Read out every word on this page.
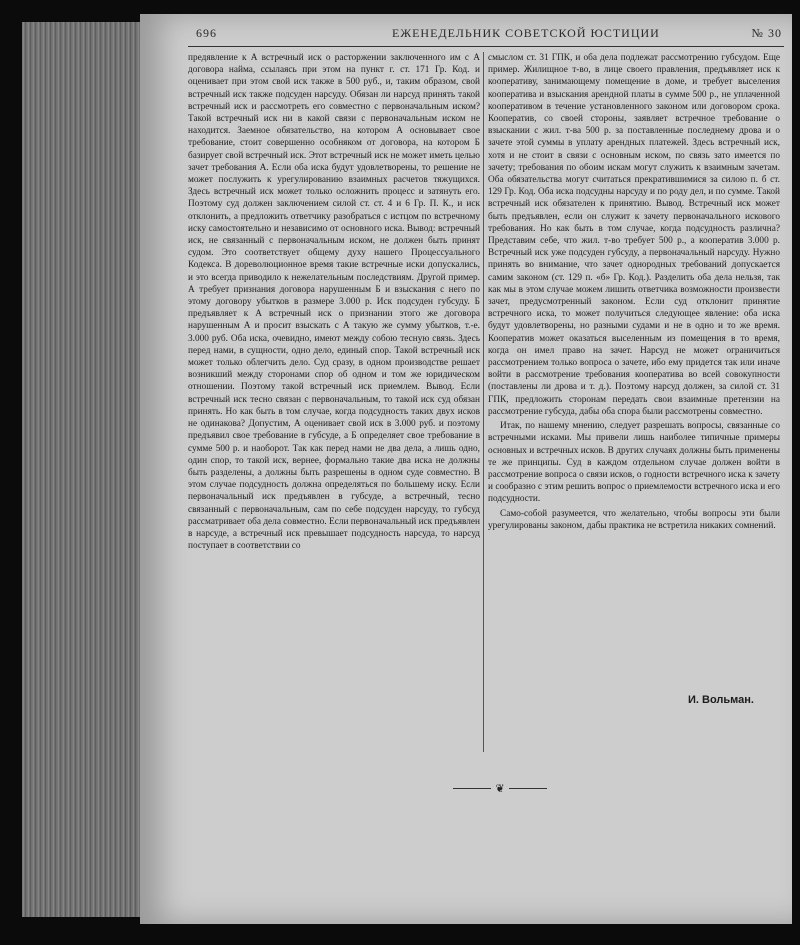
696	ЕЖЕНЕДЕЛЬНИК СОВЕТСКОЙ ЮСТИЦИИ	№ 30

предявление к А встречный иск о расторжении заключенного им с А договора найма, ссылаясь при этом на пункт г. ст. 171 Гр. Код. и оценивает при этом свой иск также в 500 руб., и, таким образом, свой встречный иск также подсуден нарсуду. Обязан ли нарсуд принять такой встречный иск и рассмотреть его совместно с первоначальным иском? Такой встречный иск ни в какой связи с первоначальным иском не находится. Заемное обязательство, на котором А основывает свое требование, стоит совершенно особняком от договора, на котором Б базирует свой встречный иск. Этот встречный иск не может иметь целью зачет требования А. Если оба иска будут удовлетворены, то решение не может послужить к урегулированию взаимных расчетов тяжущихся. Здесь встречный иск может только осложнить процесс и затянуть его. Поэтому суд должен заключением силой ст. ст. 4 и 6 Гр. П. К., и иск отклонить, а предложить ответчику разобраться с истцом по встречному иску самостоятельно и независимо от основного иска. Вывод: встречный иск, не связанный с первоначальным иском, не должен быть принят судом. Это соответствует общему духу нашего Процессуального Кодекса. В дореволюционное время такие встречные иски допускались, и это всегда приводило к нежелательным последствиям. Другой пример. А требует признания договора нарушенным Б и взыскания с него по этому договору убытков в размере 3.000 р. Иск подсуден губсуду. Б предъявляет к А встречный иск о признании этого же договора нарушенным А и просит взыскать с А такую же сумму убытков, т.-е. 3.000 руб. Оба иска, очевидно, имеют между собою тесную связь. Здесь перед нами, в сущности, одно дело, единый спор. Такой встречный иск может только облегчить дело. Суд сразу, в одном производстве решает возникший между сторонами спор об одном и том же юридическом отношении. Поэтому такой встречный иск приемлем. Вывод. Если встречный иск тесно связан с первоначальным, то такой иск суд обязан принять. Но как быть в том случае, когда подсудность таких двух исков не одинакова? Допустим, А оценивает свой иск в 3.000 руб. и поэтому предъявил свое требование в губсуде, а Б определяет свое требование в сумме 500 р. и наоборот. Так как перед нами не два дела, а лишь одно, один спор, то такой иск, вернее, формально такие два иска не должны быть разделены, а должны быть разрешены в одном суде совместно. В этом случае подсудность должна определяться по большему иску. Если первоначальный иск предъявлен в губсуде, а встречный, тесно связанный с первоначальным, сам по себе подсуден нарсуду, то губсуд рассматривает оба дела совместно. Если первоначальный иск предъявлен в нарсуде, а встречный иск превышает подсудность нарсуда, то нарсуд поступает в соответствии со

смыслом ст. 31 ГПК, и оба дела подлежат рассмотрению губсудом. Еще пример. Жилищное т-во, в лице своего правления, предъявляет иск к кооперативу, занимающему помещение в доме, и требует выселения кооператива и взыскания арендной платы в сумме 500 р., не уплаченной кооперативом в течение установленного законом или договором срока. Кооператив, со своей стороны, заявляет встречное требование о взыскании с жил. т-ва 500 р. за поставленные последнему дрова и о зачете этой суммы в уплату арендных платежей. Здесь встречный иск, хотя и не стоит в связи с основным иском, по связь зато имеется по зачету; требования по обоим искам могут служить к взаимным зачетам. Оба обязательства могут считаться прекратившимися за силою п. б ст. 129 Гр. Код. Оба иска подсудны нарсуду и по роду дел, и по сумме. Такой встречный иск обязателен к принятию. Вывод. Встречный иск может быть предъявлен, если он служит к зачету первоначального искового требования. Но как быть в том случае, когда подсудность различна? Представим себе, что жил. т-во требует 500 р., а кооператив 3.000 р. Встречный иск уже подсуден губсуду, а первоначальный нарсуду. Нужно принять во внимание, что зачет однородных требований допускается самим законом (ст. 129 п. «б» Гр. Код.). Разделить оба дела нельзя, так как мы в этом случае можем лишить ответчика возможности произвести зачет, предусмотренный законом. Если суд отклонит принятие встречного иска, то может получиться следующее явление: оба иска будут удовлетворены, но разными судами и не в одно и то же время. Кооператив может оказаться выселенным из помещения в то время, когда он имел право на зачет. Нарсуд не может ограничиться рассмотрением только вопроса о зачете, ибо ему придется так или иначе войти в рассмотрение требования кооператива во всей совокупности (поставлены ли дрова и т. д.). Поэтому нарсуд должен, за силой ст. 31 ГПК, предложить сторонам передать свои взаимные претензии на рассмотрение губсуда, дабы оба спора были рассмотрены совместно.

Итак, по нашему мнению, следует разрешать вопросы, связанные со встречными исками. Мы привели лишь наиболее типичные примеры основных и встречных исков. В других случаях должны быть применены те же принципы. Суд в каждом отдельном случае должен войти в рассмотрение вопроса о связи исков, о годности встречного иска к зачету и сообразно с этим решить вопрос о приемлемости встречного иска и его подсудности.

Само-собой разумеется, что желательно, чтобы вопросы эти были урегулированы законом, дабы практика не встретила никаких сомнений.

И. Вольман.
❦
